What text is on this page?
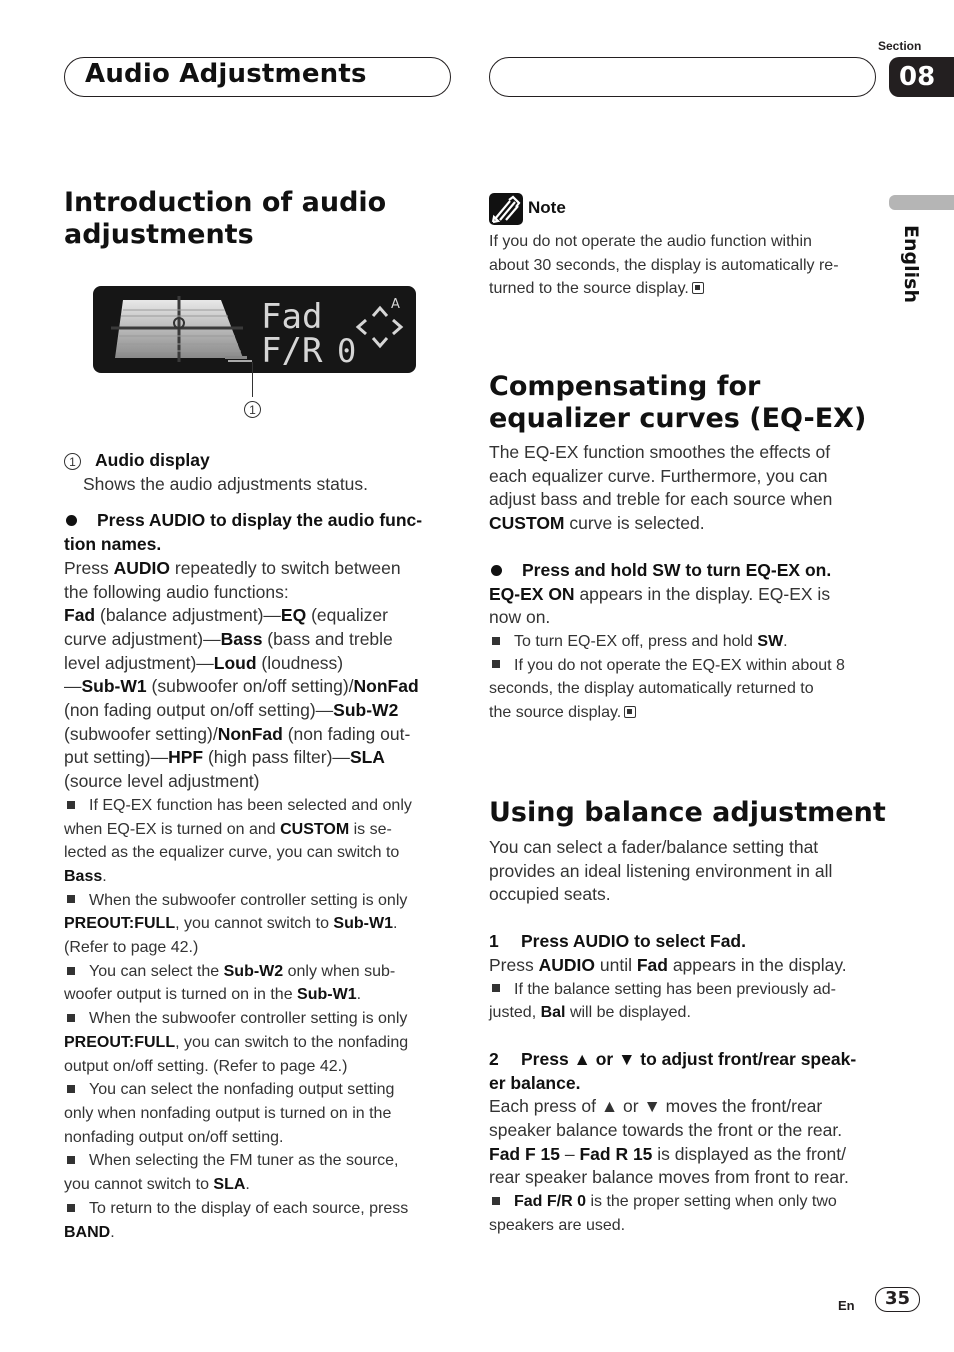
Audio Adjustments
Section
08
English
Introduction of audio
adjustments
Fad
F/R 0
A
1

1 Audio display

Shows the audio adjustments status.

Press AUDIO to display the audio func-
tion names.

Press AUDIO repeatedly to switch between
the following audio functions:
Fad (balance adjustment)—EQ (equalizer
curve adjustment)—Bass (bass and treble
level adjustment)—Loud (loudness)
—Sub-W1 (subwoofer on/off setting)/NonFad
(non fading output on/off setting)—Sub-W2
(subwoofer setting)/NonFad (non fading out-
put setting)—HPF (high pass filter)—SLA
(source level adjustment)

If EQ-EX function has been selected and only
when EQ-EX is turned on and CUSTOM is se-
lected as the equalizer curve, you can switch to
Bass.

When the subwoofer controller setting is only
PREOUT:FULL, you cannot switch to Sub-W1.
(Refer to page 42.)

You can select the Sub-W2 only when sub-
woofer output is turned on in the Sub-W1.

When the subwoofer controller setting is only
PREOUT:FULL, you can switch to the nonfading
output on/off setting. (Refer to page 42.)

You can select the nonfading output setting
only when nonfading output is turned on in the
nonfading output on/off setting.

When selecting the FM tuner as the source,
you cannot switch to SLA.

To return to the display of each source, press
BAND.

Note

If you do not operate the audio function within
about 30 seconds, the display is automatically re-
turned to the source display.

Compensating for
equalizer curves (EQ-EX)

The EQ-EX function smoothes the effects of
each equalizer curve. Furthermore, you can
adjust bass and treble for each source when
CUSTOM curve is selected.

Press and hold SW to turn EQ-EX on.

EQ-EX ON appears in the display. EQ-EX is
now on.

To turn EQ-EX off, press and hold SW.

If you do not operate the EQ-EX within about 8
seconds, the display automatically returned to
the source display.

Using balance adjustment

You can select a fader/balance setting that
provides an ideal listening environment in all
occupied seats.

1 Press AUDIO to select Fad.

Press AUDIO until Fad appears in the display.

If the balance setting has been previously ad-
justed, Bal will be displayed.

2 Press ▲ or ▼ to adjust front/rear speak-
er balance.

Each press of ▲ or ▼ moves the front/rear
speaker balance towards the front or the rear.
Fad F 15 – Fad R 15 is displayed as the front/
rear speaker balance moves from front to rear.

Fad F/R 0 is the proper setting when only two
speakers are used.

En	35
